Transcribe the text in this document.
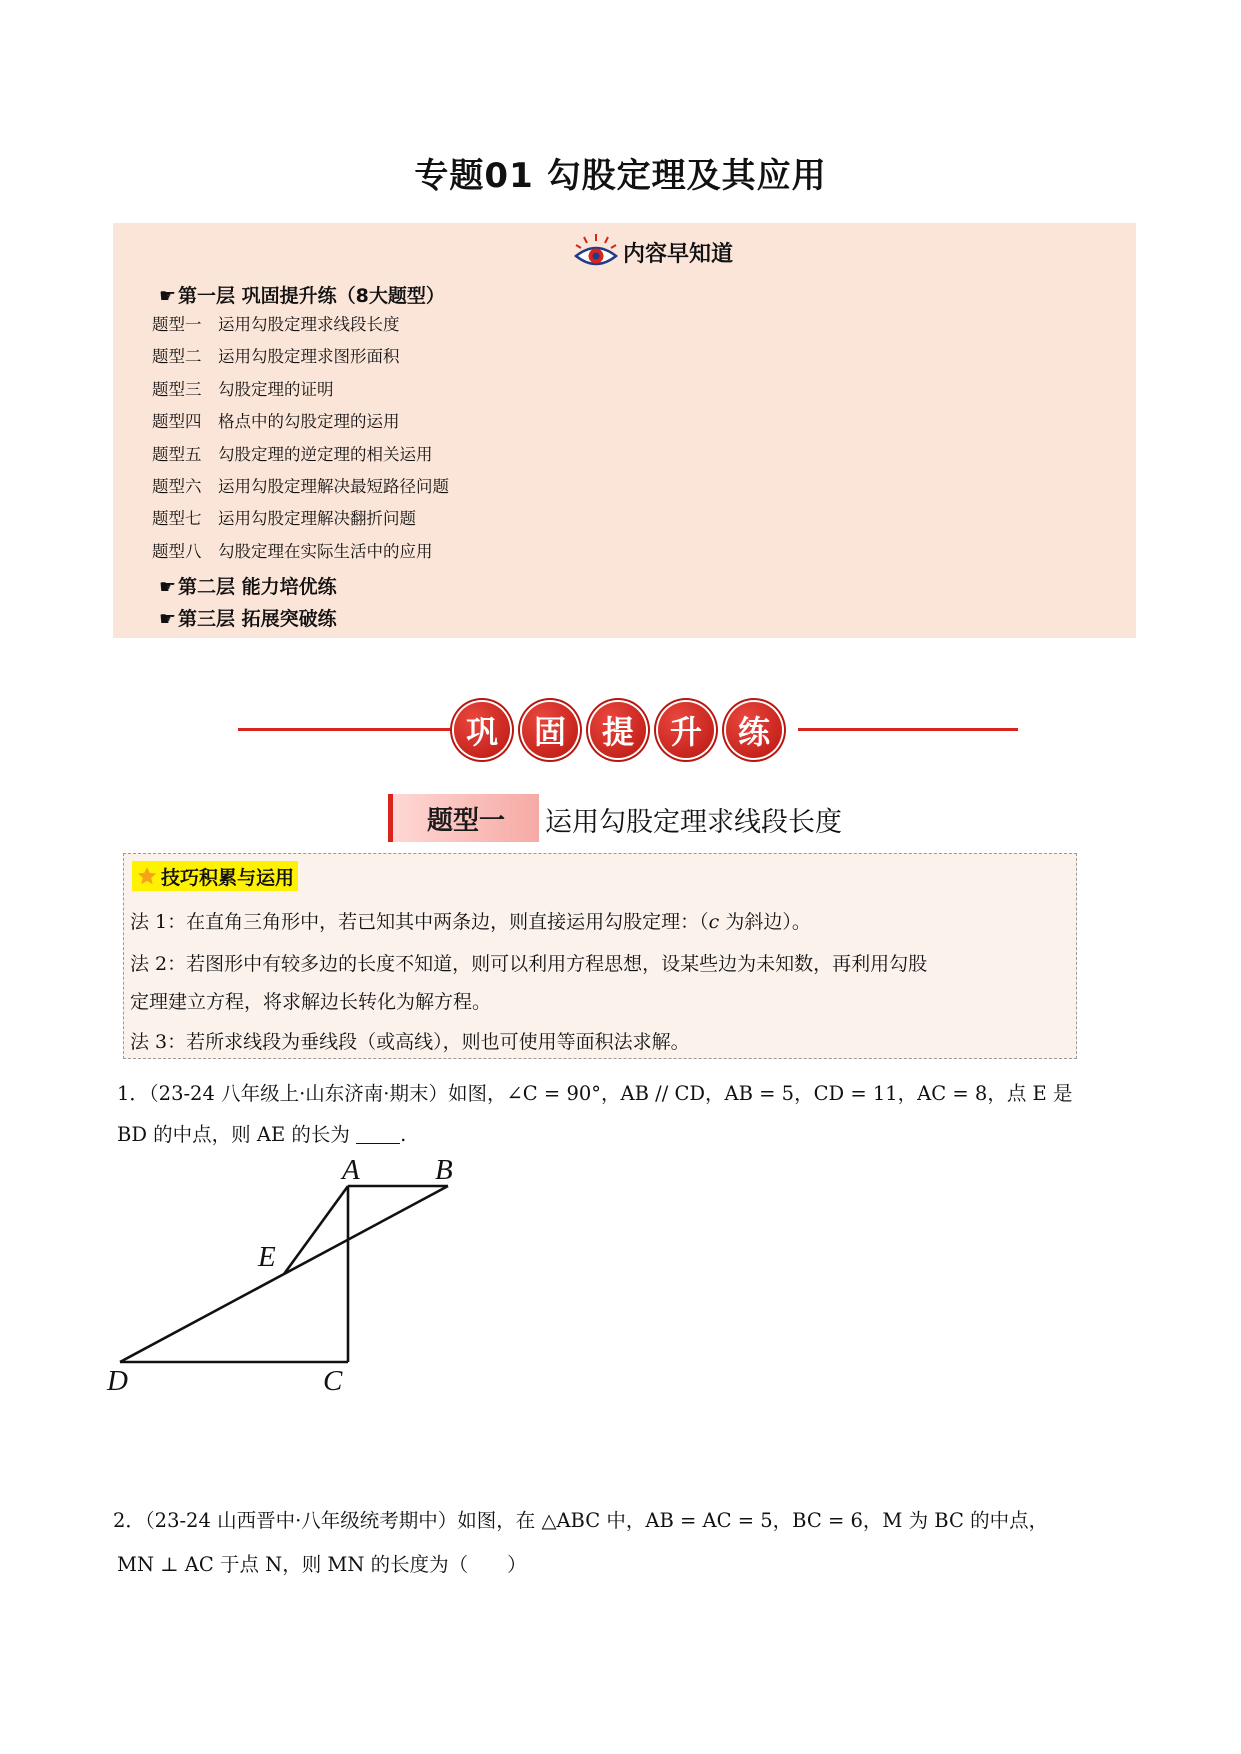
专题01 勾股定理及其应用
内容早知道
☛ 第一层 巩固提升练（8大题型）
题型一	运用勾股定理求线段长度
题型二	运用勾股定理求图形面积
题型三	勾股定理的证明
题型四	格点中的勾股定理的运用
题型五	勾股定理的逆定理的相关运用
题型六	运用勾股定理解决最短路径问题
题型七	运用勾股定理解决翻折问题
题型八	勾股定理在实际生活中的应用
☛ 第二层 能力培优练
☛ 第三层 拓展突破练
巩	固	提	升	练
题型一	运用勾股定理求线段长度
技巧积累与运用

法 1：在直角三角形中，若已知其中两条边，则直接运用勾股定理：（c 为斜边）。

法 2：若图形中有较多边的长度不知道，则可以利用方程思想，设某些边为未知数，再利用勾股

定理建立方程，将求解边长转化为解方程。

法 3：若所求线段为垂线段（或高线），则也可使用等面积法求解。

1．（23-24 八年级上·山东济南·期末）如图，∠C = 90°，AB // CD，AB = 5，CD = 11，AC = 8，点 E 是
BD 的中点，则 AE 的长为	.
A	B
E
D	C
2．（23-24 山西晋中·八年级统考期中）如图，在 △ABC 中，AB = AC = 5，BC = 6，M 为 BC 的中点，
MN ⊥ AC 于点 N，则 MN 的长度为（　　）
